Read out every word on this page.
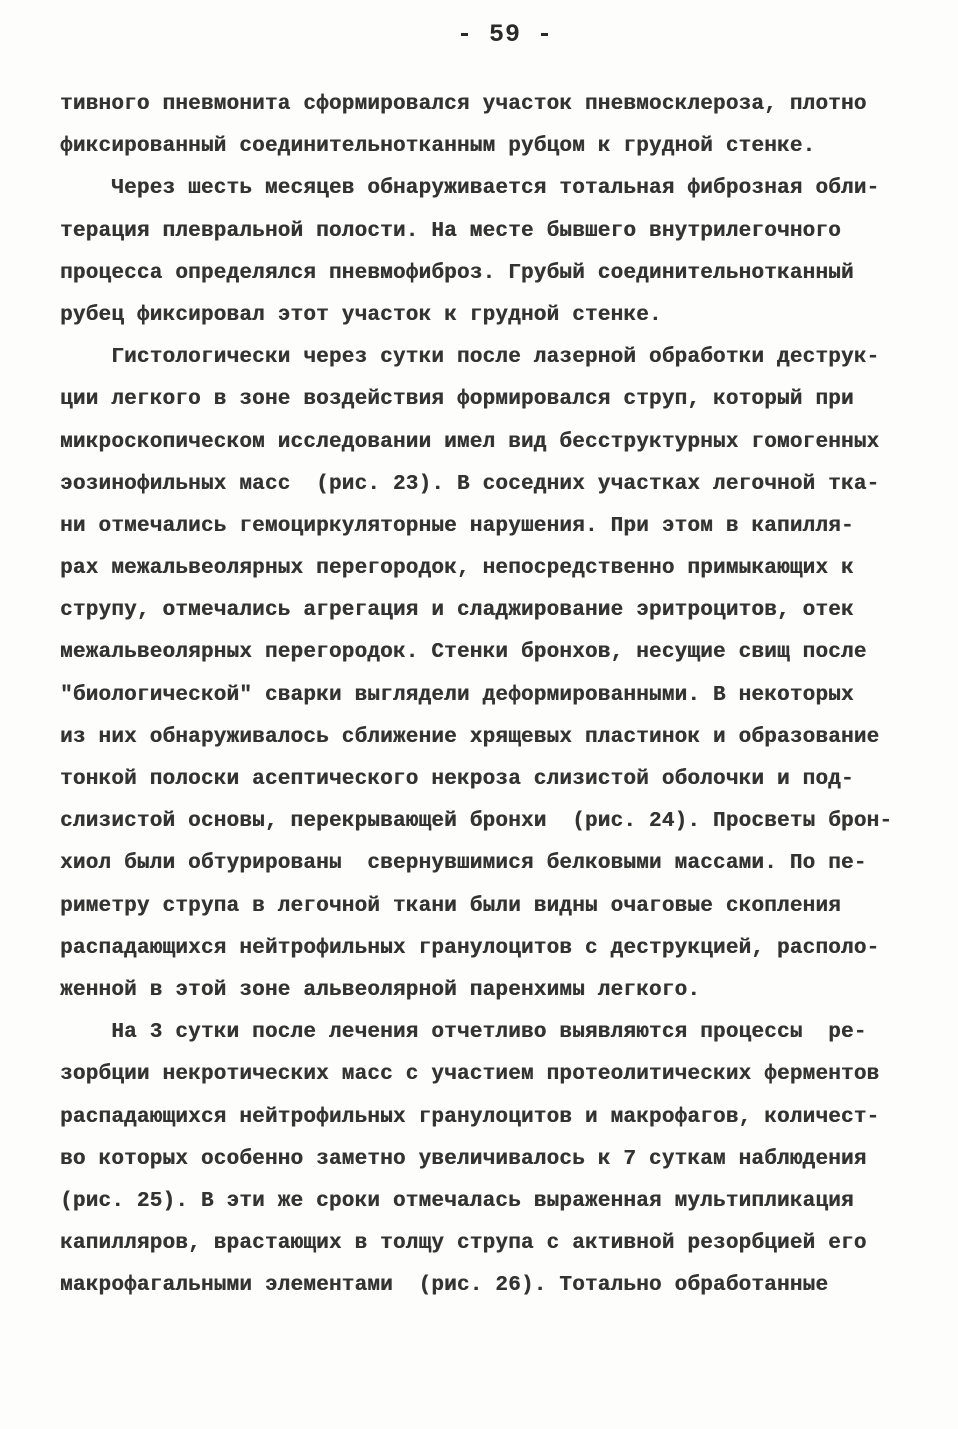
- 59 -
тивного пневмонита сформировался участок пневмосклероза, плотно
фиксированный соединительнотканным рубцом к грудной стенке.
Через шесть месяцев обнаруживается тотальная фиброзная обли-
терация плевральной полости. На месте бывшего внутрилегочного
процесса определялся пневмофиброз. Грубый соединительнотканный
рубец фиксировал этот участок к грудной стенке.
Гистологически через сутки после лазерной обработки деструк-
ции легкого в зоне воздействия формировался струп, который при
микроскопическом исследовании имел вид бесструктурных гомогенных
эозинофильных масс  (рис. 23). В соседних участках легочной тка-
ни отмечались гемоциркуляторные нарушения. При этом в капилля-
рах межальвеолярных перегородок, непосредственно примыкающих к
струпу, отмечались агрегация и сладжирование эритроцитов, отек
межальвеолярных перегородок. Стенки бронхов, несущие свищ после
"биологической" сварки выглядели деформированными. В некоторых
из них обнаруживалось сближение хрящевых пластинок и образование
тонкой полоски асептического некроза слизистой оболочки и под-
слизистой основы, перекрывающей бронхи  (рис. 24). Просветы брон-
хиол были обтурированы  свернувшимися белковыми массами. По пе-
риметру струпа в легочной ткани были видны очаговые скопления
распадающихся нейтрофильных гранулоцитов с деструкцией, располо-
женной в этой зоне альвеолярной паренхимы легкого.
На 3 сутки после лечения отчетливо выявляются процессы  ре-
зорбции некротических масс с участием протеолитических ферментов
распадающихся нейтрофильных гранулоцитов и макрофагов, количест-
во которых особенно заметно увеличивалось к 7 суткам наблюдения
(рис. 25). В эти же сроки отмечалась выраженная мультипликация
капилляров, врастающих в толщу струпа с активной резорбцией его
макрофагальными элементами  (рис. 26). Тотально обработанные
